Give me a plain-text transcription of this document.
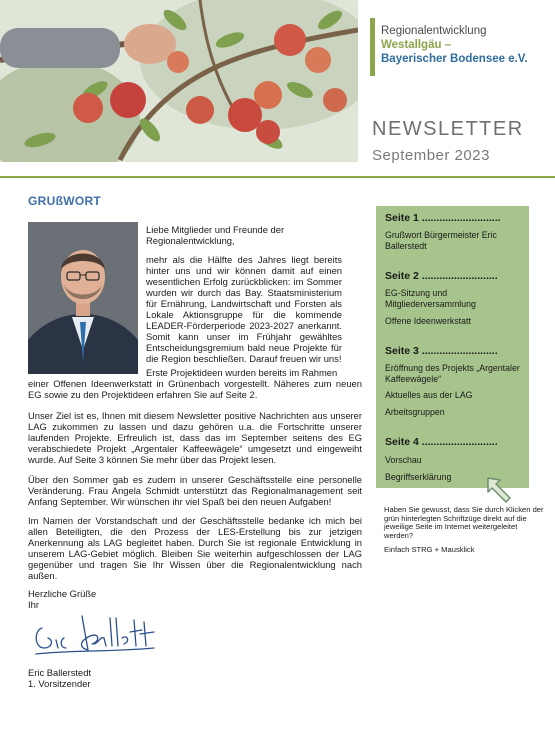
Regionalentwicklung
Westallgäu –
Bayerischer Bodensee e.V.
NEWSLETTER
September 2023
GRUßWORT
Liebe Mitglieder und Freunde der Regionalentwicklung,
mehr als die Hälfte des Jahres liegt bereits hinter uns und wir können damit auf einen wesentlichen Erfolg zurückblicken: im Sommer wurden wir durch das Bay. Staatsministerium für Ernährung, Landwirtschaft und Forsten als Lokale Aktionsgruppe für die kommende LEADER-Förderperiode 2023-2027 anerkannt. Somit kann unser im Frühjahr gewähltes Entscheidungsgremium bald neue Projekte für die Region beschließen. Darauf freuen wir uns!
Erste Projektideen wurden bereits im Rahmen
einer Offenen Ideenwerkstatt in Grünenbach vorgestellt. Näheres zum neuen EG sowie zu den Projektideen erfahren Sie auf Seite 2.
Unser Ziel ist es, Ihnen mit diesem Newsletter positive Nachrichten aus unserer LAG zukommen zu lassen und dazu gehören u.a. die Fortschritte unserer laufenden Projekte. Erfreulich ist, dass das im September seitens des EG verabschiedete Projekt „Argentaler Kaffeewägele“ umgesetzt und eingeweiht wurde. Auf Seite 3 können Sie mehr über das Projekt lesen.
Über den Sommer gab es zudem in unserer Geschäftsstelle eine personelle Veränderung. Frau Angela Schmidt unterstützt das Regionalmanagement seit Anfang September. Wir wünschen ihr viel Spaß bei den neuen Aufgaben!
Im Namen der Vorstandschaft und der Geschäftsstelle bedanke ich mich bei allen Beteiligten, die den Prozess der LES-Erstellung bis zur jetzigen Anerkennung als LAG begleitet haben. Durch Sie ist regionale Entwicklung in unserem LAG-Gebiet möglich. Bleiben Sie weiterhin aufgeschlossen der LAG gegenüber und tragen Sie Ihr Wissen über die Regionalentwicklung nach außen.
Herzliche Grüße
Ihr
Eric Ballerstedt
1. Vorsitzender
Seite 1 ...........................
Grußwort Bürgermeister Eric Ballerstedt
Seite 2 ..........................
EG-Sitzung und Mitgliederversammlung
Offene Ideenwerkstatt
Seite 3 ..........................
Eröffnung des Projekts „Argentaler Kaffeewägele“
Aktuelles aus der LAG
Arbeitsgruppen
Seite 4 ..........................
Vorschau
Begriffserklärung
Haben Sie gewusst, dass Sie durch Klicken der grün hinterlegten Schriftzüge direkt auf die jeweilige Seite im Internet weitergeleitet werden?
Einfach STRG + Mausklick
